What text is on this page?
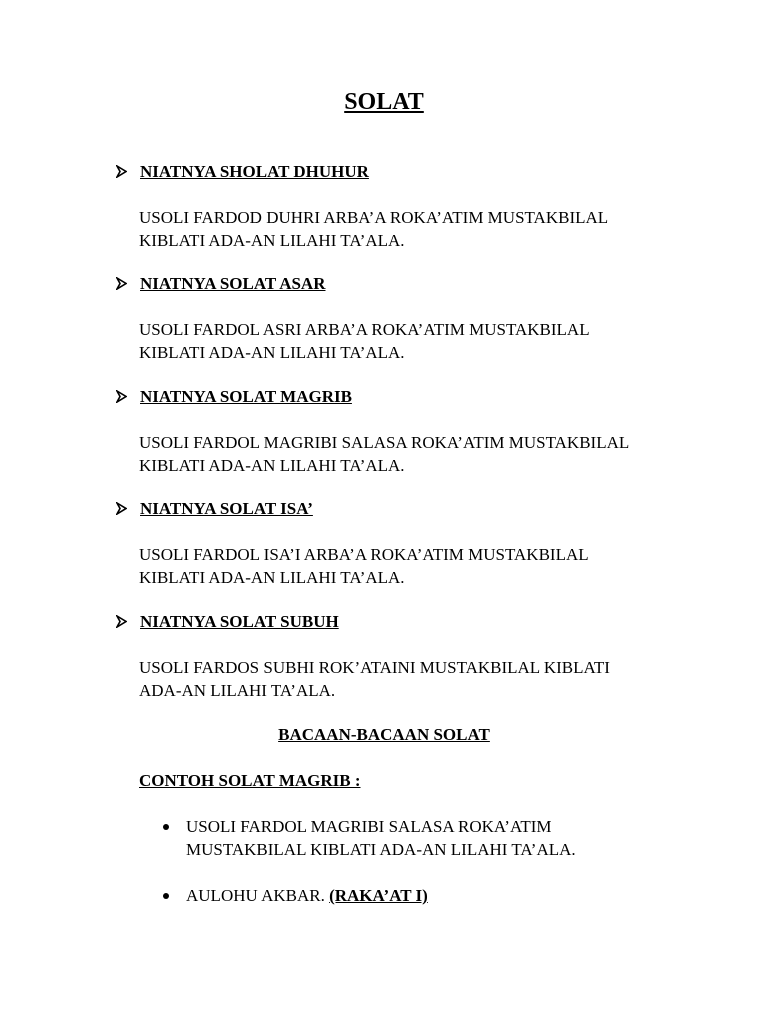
SOLAT
NIATNYA SHOLAT DHUHUR
USOLI FARDOD DUHRI ARBA’A ROKA’ATIM MUSTAKBILAL
KIBLATI ADA-AN LILAHI TA’ALA.
NIATNYA SOLAT ASAR
USOLI FARDOL ASRI ARBA’A ROKA’ATIM MUSTAKBILAL
KIBLATI ADA-AN LILAHI TA’ALA.
NIATNYA SOLAT MAGRIB
USOLI FARDOL MAGRIBI SALASA ROKA’ATIM MUSTAKBILAL
KIBLATI ADA-AN LILAHI TA’ALA.
NIATNYA SOLAT ISA’
USOLI FARDOL ISA’I ARBA’A ROKA’ATIM MUSTAKBILAL
KIBLATI ADA-AN LILAHI TA’ALA.
NIATNYA SOLAT SUBUH
USOLI FARDOS SUBHI ROK’ATAINI MUSTAKBILAL KIBLATI
ADA-AN LILAHI TA’ALA.
BACAAN-BACAAN SOLAT
CONTOH SOLAT MAGRIB :
USOLI FARDOL MAGRIBI SALASA ROKA’ATIM
MUSTAKBILAL KIBLATI ADA-AN LILAHI TA’ALA.
AULOHU AKBAR. (RAKA’AT I)
